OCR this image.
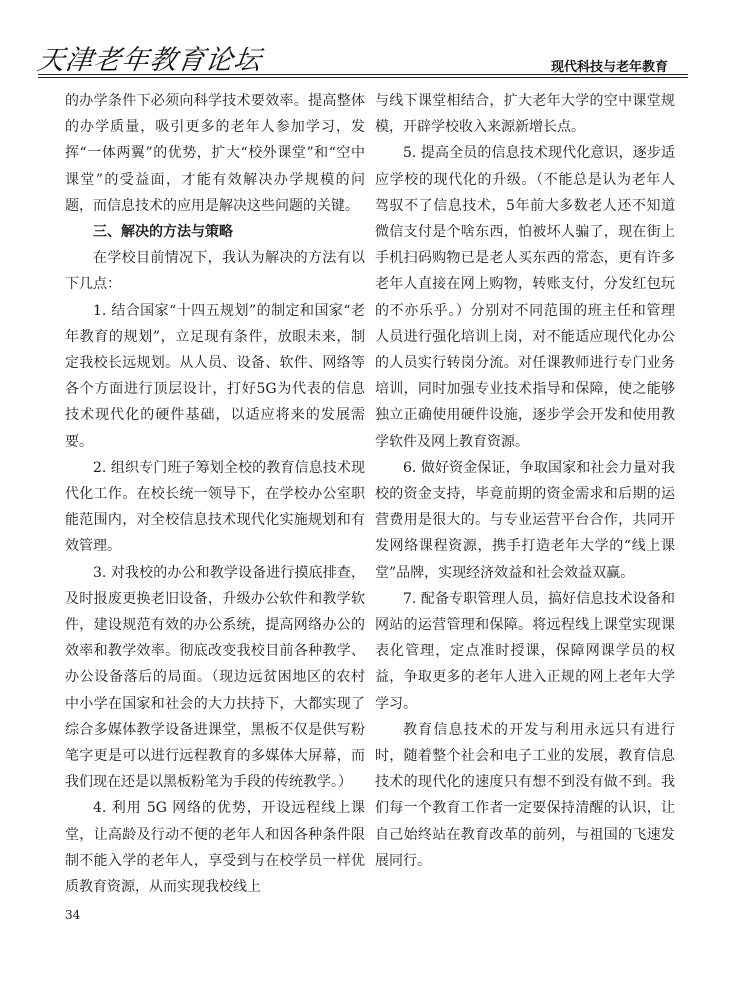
天津老年教育论坛	现代科技与老年教育

的办学条件下必须向科学技术要效率。提高整体的办学质量，吸引更多的老年人参加学习，发挥“一体两翼”的优势，扩大“校外课堂”和“空中课堂”的受益面，才能有效解决办学规模的问题，而信息技术的应用是解决这些问题的关键。

三、解决的方法与策略

在学校目前情况下，我认为解决的方法有以下几点：

1. 结合国家“十四五规划”的制定和国家“老年教育的规划”，立足现有条件，放眼未来，制定我校长远规划。从人员、设备、软件、网络等各个方面进行顶层设计，打好5G为代表的信息技术现代化的硬件基础，以适应将来的发展需要。

2. 组织专门班子筹划全校的教育信息技术现代化工作。在校长统一领导下，在学校办公室职能范围内，对全校信息技术现代化实施规划和有效管理。

3. 对我校的办公和教学设备进行摸底排查，及时报废更换老旧设备，升级办公软件和教学软件，建设规范有效的办公系统，提高网络办公的效率和教学效率。彻底改变我校目前各种教学、办公设备落后的局面。（现边远贫困地区的农村中小学在国家和社会的大力扶持下，大都实现了综合多媒体教学设备进课堂，黑板不仅是供写粉笔字更是可以进行远程教育的多媒体大屏幕，而我们现在还是以黑板粉笔为手段的传统教学。）

4. 利用 5G 网络的优势，开设远程线上课堂，让高龄及行动不便的老年人和因各种条件限制不能入学的老年人，享受到与在校学员一样优质教育资源，从而实现我校线上

与线下课堂相结合，扩大老年大学的空中课堂规模，开辟学校收入来源新增长点。

5. 提高全员的信息技术现代化意识，逐步适应学校的现代化的升级。（不能总是认为老年人驾驭不了信息技术，5年前大多数老人还不知道微信支付是个啥东西，怕被坏人骗了，现在街上手机扫码购物已是老人买东西的常态，更有许多老年人直接在网上购物，转账支付，分发红包玩的不亦乐乎。）分别对不同范围的班主任和管理人员进行强化培训上岗，对不能适应现代化办公的人员实行转岗分流。对任课教师进行专门业务培训，同时加强专业技术指导和保障，使之能够独立正确使用硬件设施，逐步学会开发和使用教学软件及网上教育资源。

6. 做好资金保证，争取国家和社会力量对我校的资金支持，毕竟前期的资金需求和后期的运营费用是很大的。与专业运营平台合作，共同开发网络课程资源，携手打造老年大学的“线上课堂”品牌，实现经济效益和社会效益双赢。

7. 配备专职管理人员，搞好信息技术设备和网站的运营管理和保障。将远程线上课堂实现课表化管理，定点准时授课，保障网课学员的权益，争取更多的老年人进入正规的网上老年大学学习。

教育信息技术的开发与利用永远只有进行时，随着整个社会和电子工业的发展，教育信息技术的现代化的速度只有想不到没有做不到。我们每一个教育工作者一定要保持清醒的认识，让自己始终站在教育改革的前列，与祖国的飞速发展同行。

34
